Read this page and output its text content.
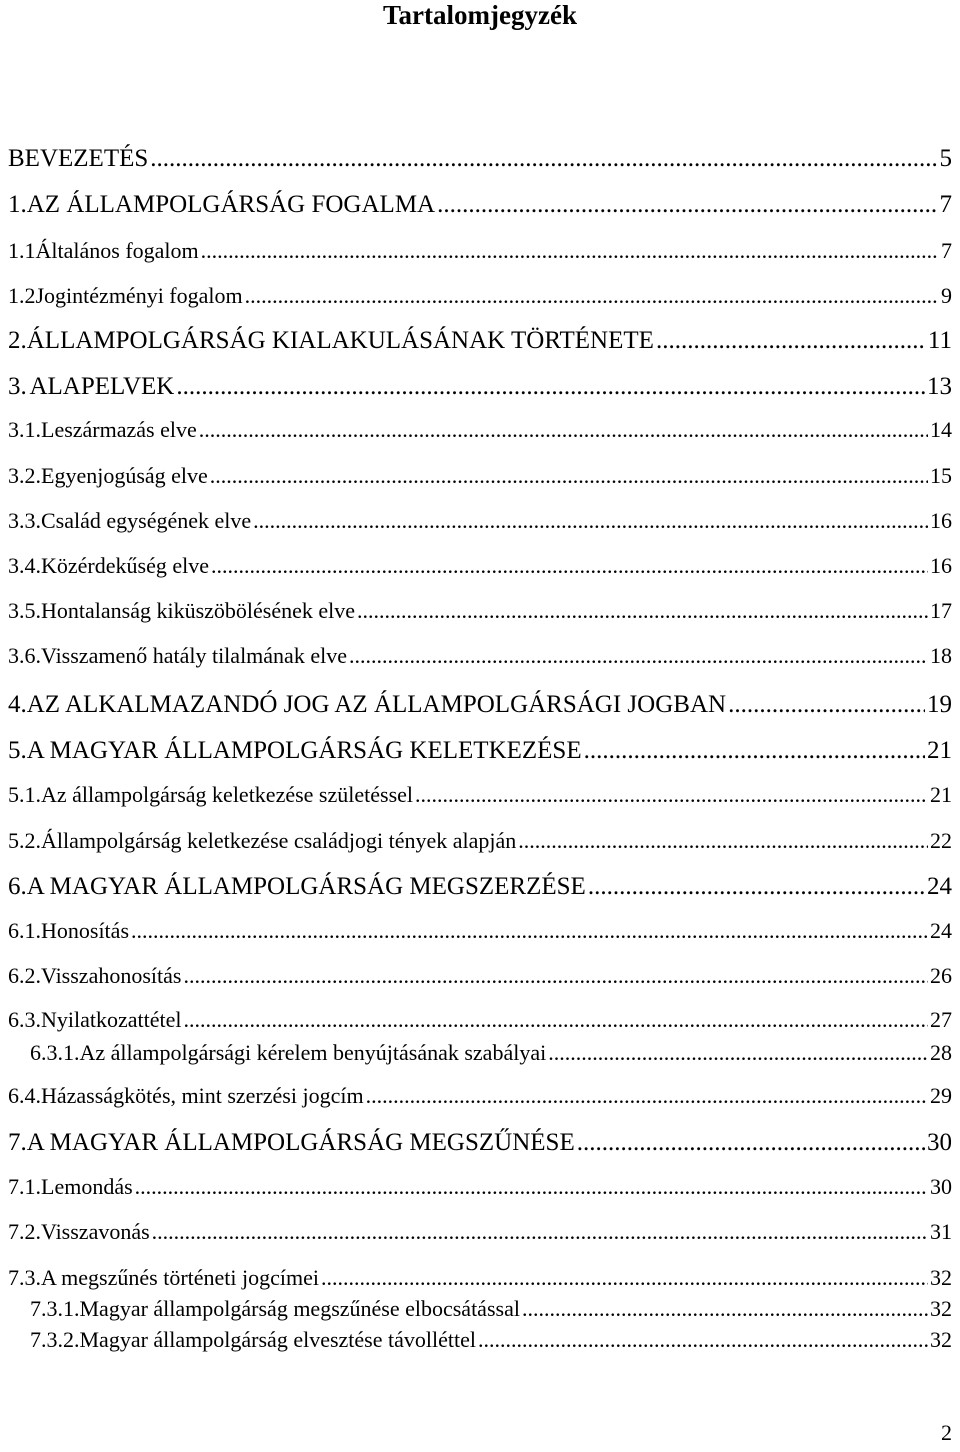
Tartalomjegyzék
BEVEZETÉS .....	5
1. AZ ÁLLAMPOLGÁRSÁG FOGALMA .....	7
1.1 Általános fogalom .....	7
1.2 Jogintézményi fogalom .....	9
2. ÁLLAMPOLGÁRSÁG KIALAKULÁSÁNAK TÖRTÉNETE .....	11
3. ALAPELVEK .....	13
3.1. Leszármazás elve .....	14
3.2. Egyenjogúság elve .....	15
3.3. Család egységének elve .....	16
3.4. Közérdekűség elve .....	16
3.5. Hontalanság kiküszöbölésének elve .....	17
3.6. Visszamenő hatály tilalmának elve .....	18
4. AZ ALKALMAZANDÓ JOG AZ ÁLLAMPOLGÁRSÁGI JOGBAN .....	19
5. A MAGYAR ÁLLAMPOLGÁRSÁG KELETKEZÉSE .....	21
5.1. Az állampolgárság keletkezése születéssel .....	21
5.2. Állampolgárság keletkezése családjogi tények alapján .....	22
6. A MAGYAR ÁLLAMPOLGÁRSÁG MEGSZERZÉSE .....	24
6.1. Honosítás .....	24
6.2. Visszahonosítás .....	26
6.3. Nyilatkozattétel .....	27
6.3.1. Az állampolgársági kérelem benyújtásának szabályai .....	28
6.4. Házasságkötés, mint szerzési jogcím .....	29
7. A MAGYAR ÁLLAMPOLGÁRSÁG MEGSZŰNÉSE .....	30
7.1. Lemondás .....	30
7.2. Visszavonás .....	31
7.3. A megszűnés történeti jogcímei .....	32
7.3.1. Magyar állampolgárság megszűnése elbocsátással .....	32
7.3.2. Magyar állampolgárság elvesztése távolléttel .....	32
2
